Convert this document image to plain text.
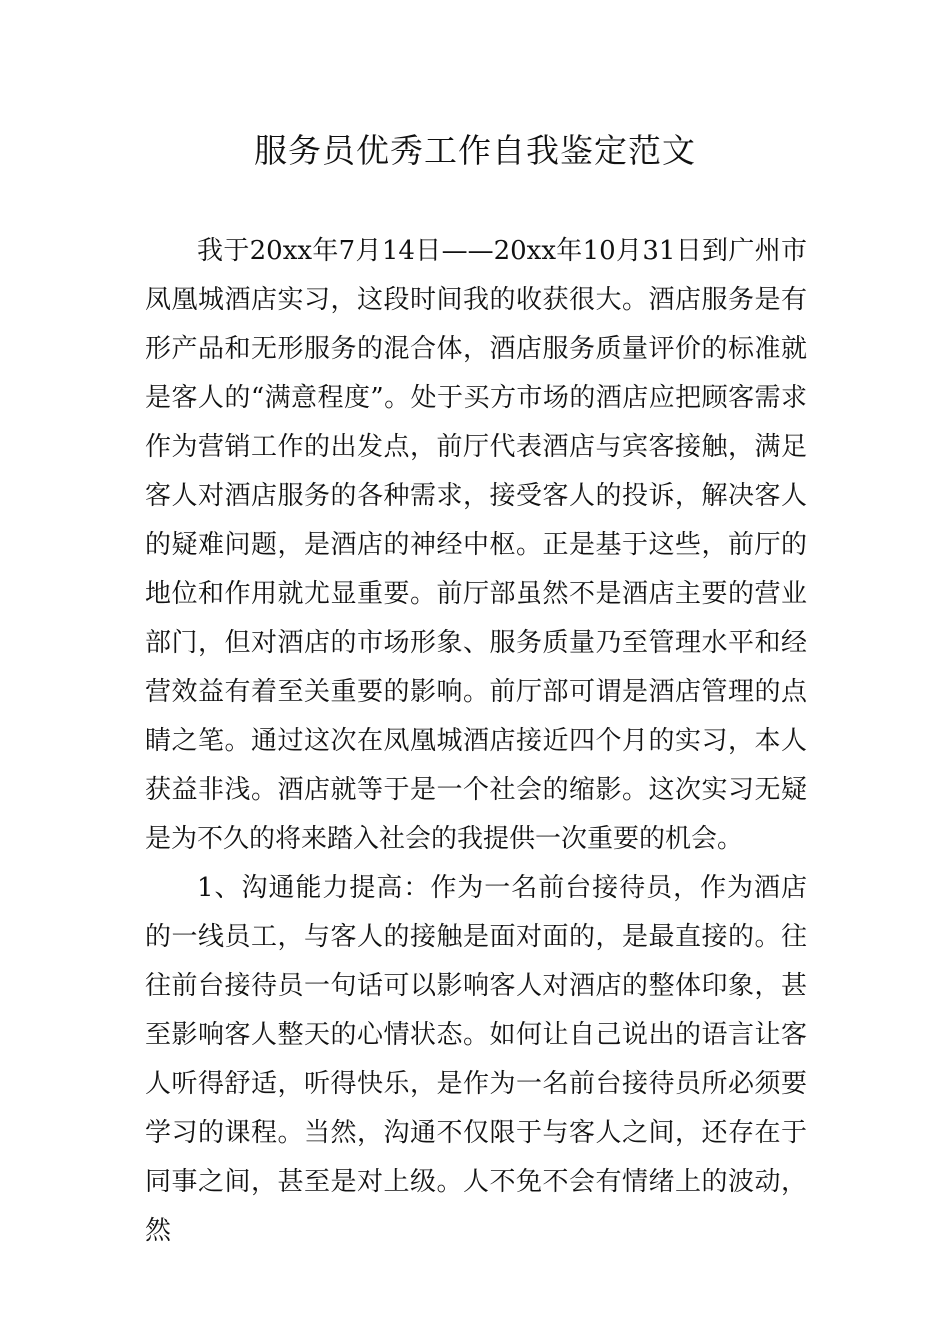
服务员优秀工作自我鉴定范文

我于20xx年7月14日——20xx年10月31日到广州市凤凰城酒店实习，这段时间我的收获很大。酒店服务是有形产品和无形服务的混合体，酒店服务质量评价的标准就是客人的“满意程度”。处于买方市场的酒店应把顾客需求作为营销工作的出发点，前厅代表酒店与宾客接触，满足客人对酒店服务的各种需求，接受客人的投诉，解决客人的疑难问题，是酒店的神经中枢。正是基于这些，前厅的地位和作用就尤显重要。前厅部虽然不是酒店主要的营业部门，但对酒店的市场形象、服务质量乃至管理水平和经营效益有着至关重要的影响。前厅部可谓是酒店管理的点睛之笔。通过这次在凤凰城酒店接近四个月的实习，本人获益非浅。酒店就等于是一个社会的缩影。这次实习无疑是为不久的将来踏入社会的我提供一次重要的机会。

1、沟通能力提高：作为一名前台接待员，作为酒店的一线员工，与客人的接触是面对面的，是最直接的。往往前台接待员一句话可以影响客人对酒店的整体印象，甚至影响客人整天的心情状态。如何让自己说出的语言让客人听得舒适，听得快乐，是作为一名前台接待员所必须要学习的课程。当然，沟通不仅限于与客人之间，还存在于同事之间，甚至是对上级。人不免不会有情绪上的波动，然
